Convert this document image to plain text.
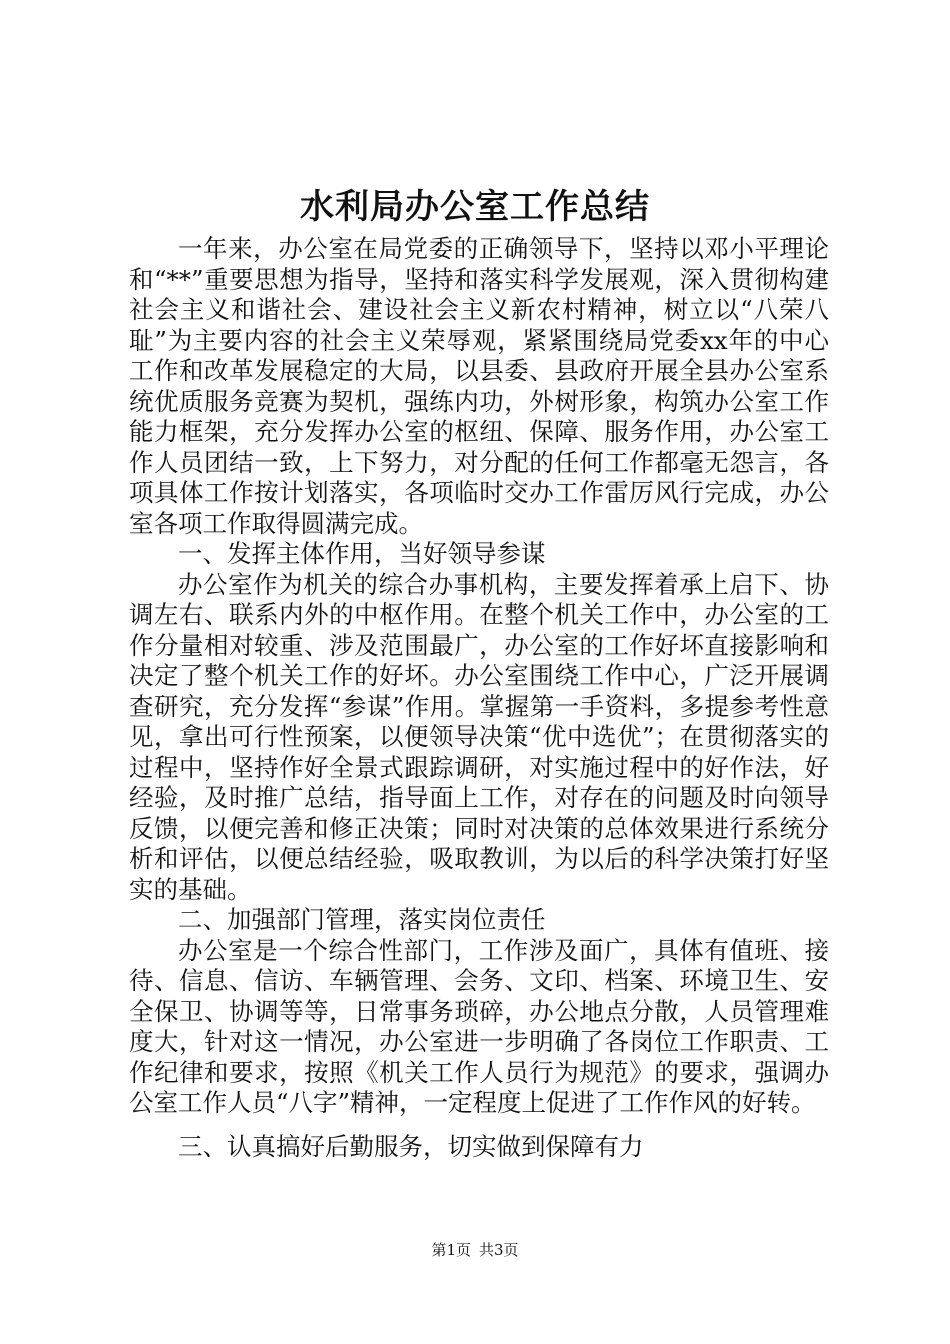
水利局办公室工作总结

一年来，办公室在局党委的正确领导下，坚持以邓小平理论和“**”重要思想为指导，坚持和落实科学发展观，深入贯彻构建社会主义和谐社会、建设社会主义新农村精神，树立以“八荣八耻”为主要内容的社会主义荣辱观，紧紧围绕局党委xx年的中心工作和改革发展稳定的大局，以县委、县政府开展全县办公室系统优质服务竞赛为契机，强练内功，外树形象，构筑办公室工作能力框架，充分发挥办公室的枢纽、保障、服务作用，办公室工作人员团结一致，上下努力，对分配的任何工作都毫无怨言，各项具体工作按计划落实，各项临时交办工作雷厉风行完成，办公室各项工作取得圆满完成。

一、发挥主体作用，当好领导参谋

办公室作为机关的综合办事机构，主要发挥着承上启下、协调左右、联系内外的中枢作用。在整个机关工作中，办公室的工作分量相对较重、涉及范围最广，办公室的工作好坏直接影响和决定了整个机关工作的好坏。办公室围绕工作中心，广泛开展调查研究，充分发挥“参谋”作用。掌握第一手资料，多提参考性意见，拿出可行性预案，以便领导决策“优中选优”；在贯彻落实的过程中，坚持作好全景式跟踪调研，对实施过程中的好作法，好经验，及时推广总结，指导面上工作，对存在的问题及时向领导反馈，以便完善和修正决策；同时对决策的总体效果进行系统分析和评估，以便总结经验，吸取教训，为以后的科学决策打好坚实的基础。

二、加强部门管理，落实岗位责任

办公室是一个综合性部门，工作涉及面广，具体有值班、接待、信息、信访、车辆管理、会务、文印、档案、环境卫生、安全保卫、协调等等，日常事务琐碎，办公地点分散，人员管理难度大，针对这一情况，办公室进一步明确了各岗位工作职责、工作纪律和要求，按照《机关工作人员行为规范》的要求，强调办公室工作人员“八字”精神，一定程度上促进了工作作风的好转。

三、认真搞好后勤服务，切实做到保障有力

第1页 共3页
